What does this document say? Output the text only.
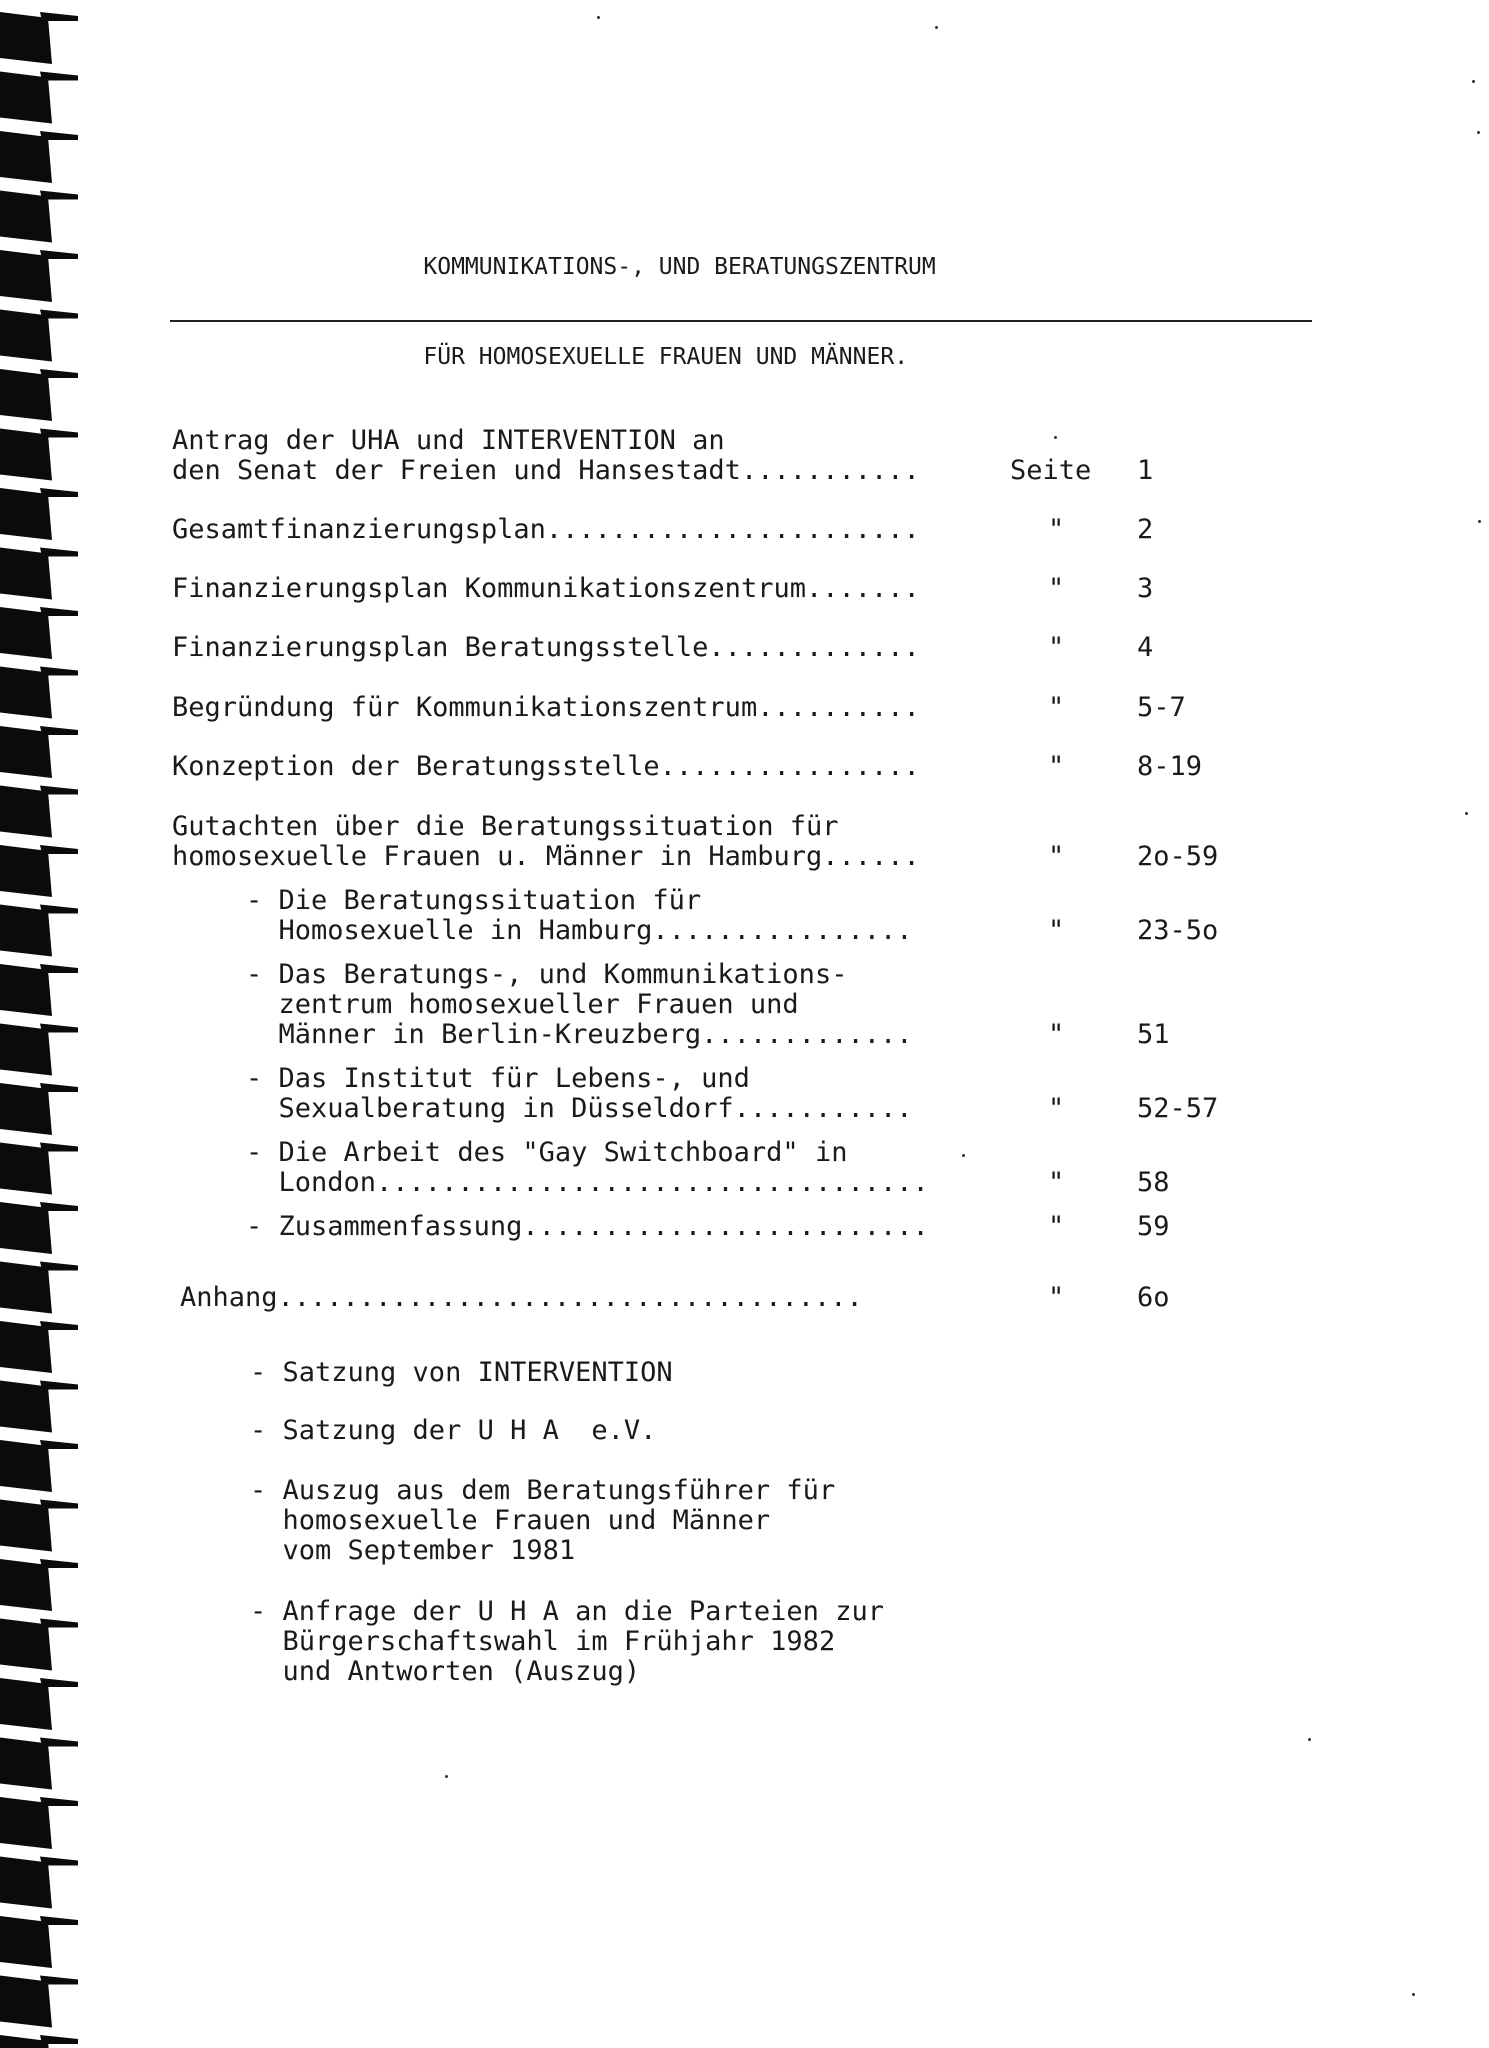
KOMMUNIKATIONS-, UND BERATUNGSZENTRUM

FÜR HOMOSEXUELLE FRAUEN UND MÄNNER.

Antrag der UHA und INTERVENTION an
den Senat der Freien und Hansestadt...........	Seite 1
Gesamtfinanzierungsplan.......................	"	2
Finanzierungsplan Kommunikationszentrum.......	"	3
Finanzierungsplan Beratungsstelle.............	"	4
Begründung für Kommunikationszentrum..........	"	5-7
Konzeption der Beratungsstelle................	"	8-19
Gutachten über die Beratungssituation für
homosexuelle Frauen u. Männer in Hamburg......	"	2o-59
- Die Beratungssituation für
Homosexuelle in Hamburg................	"	23-5o
- Das Beratungs-, und Kommunikations-
zentrum homosexueller Frauen und
Männer in Berlin-Kreuzberg.............	"	51
- Das Institut für Lebens-, und
Sexualberatung in Düsseldorf...........	"	52-57
- Die Arbeit des "Gay Switchboard" in
London..................................	"	58
- Zusammenfassung.........................	"	59
Anhang....................................	"	6o
- Satzung von INTERVENTION
- Satzung der U H A  e.V.
- Auszug aus dem Beratungsführer für
homosexuelle Frauen und Männer
vom September 1981
- Anfrage der U H A an die Parteien zur
Bürgerschaftswahl im Frühjahr 1982
und Antworten (Auszug)
